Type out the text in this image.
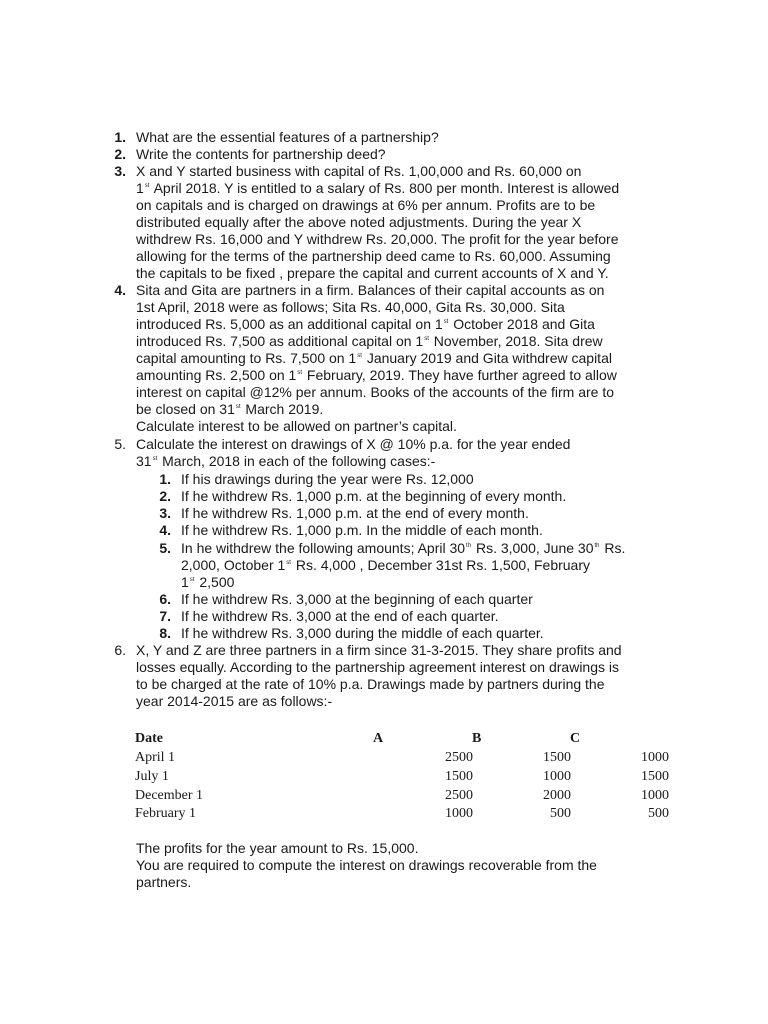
1. What are the essential features of a partnership?
2. Write the contents for partnership deed?
3. X and Y started business with capital of Rs. 1,00,000 and Rs. 60,000 on
1st April 2018. Y is entitled to a salary of Rs. 800 per month. Interest is allowed
on capitals and is charged on drawings at 6% per annum. Profits are to be
distributed equally after the above noted adjustments. During the year X
withdrew Rs. 16,000 and Y withdrew Rs. 20,000. The profit for the year before
allowing for the terms of the partnership deed came to Rs. 60,000. Assuming
the capitals to be fixed , prepare the capital and current accounts of X and Y.
4. Sita and Gita are partners in a firm. Balances of their capital accounts as on
1st April, 2018 were as follows; Sita Rs. 40,000, Gita Rs. 30,000. Sita
introduced Rs. 5,000 as an additional capital on 1st October 2018 and Gita
introduced Rs. 7,500 as additional capital on 1st November, 2018. Sita drew
capital amounting to Rs. 7,500 on 1st January 2019 and Gita withdrew capital
amounting Rs. 2,500 on 1st February, 2019. They have further agreed to allow
interest on capital @12% per annum. Books of the accounts of the firm are to
be closed on 31st March 2019.
Calculate interest to be allowed on partner’s capital.
5. Calculate the interest on drawings of X @ 10% p.a. for the year ended
31st March, 2018 in each of the following cases:-
1. If his drawings during the year were Rs. 12,000
2. If he withdrew Rs. 1,000 p.m. at the beginning of every month.
3. If he withdrew Rs. 1,000 p.m. at the end of every month.
4. If he withdrew Rs. 1,000 p.m. In the middle of each month.
5. In he withdrew the following amounts; April 30th Rs. 3,000, June 30th Rs.
2,000, October 1st Rs. 4,000 , December 31st Rs. 1,500, February
1st 2,500
6. If he withdrew Rs. 3,000 at the beginning of each quarter
7. If he withdrew Rs. 3,000 at the end of each quarter.
8. If he withdrew Rs. 3,000 during the middle of each quarter.
6. X, Y and Z are three partners in a firm since 31-3-2015. They share profits and
losses equally. According to the partnership agreement interest on drawings is
to be charged at the rate of 10% p.a. Drawings made by partners during the
year 2014-2015 are as follows:-
Date	A	B	C
April 1	2500	1500	1000
July 1	1500	1000	1500
December 1	2500	2000	1000
February 1	1000	500	500
The profits for the year amount to Rs. 15,000.
You are required to compute the interest on drawings recoverable from the
partners.
